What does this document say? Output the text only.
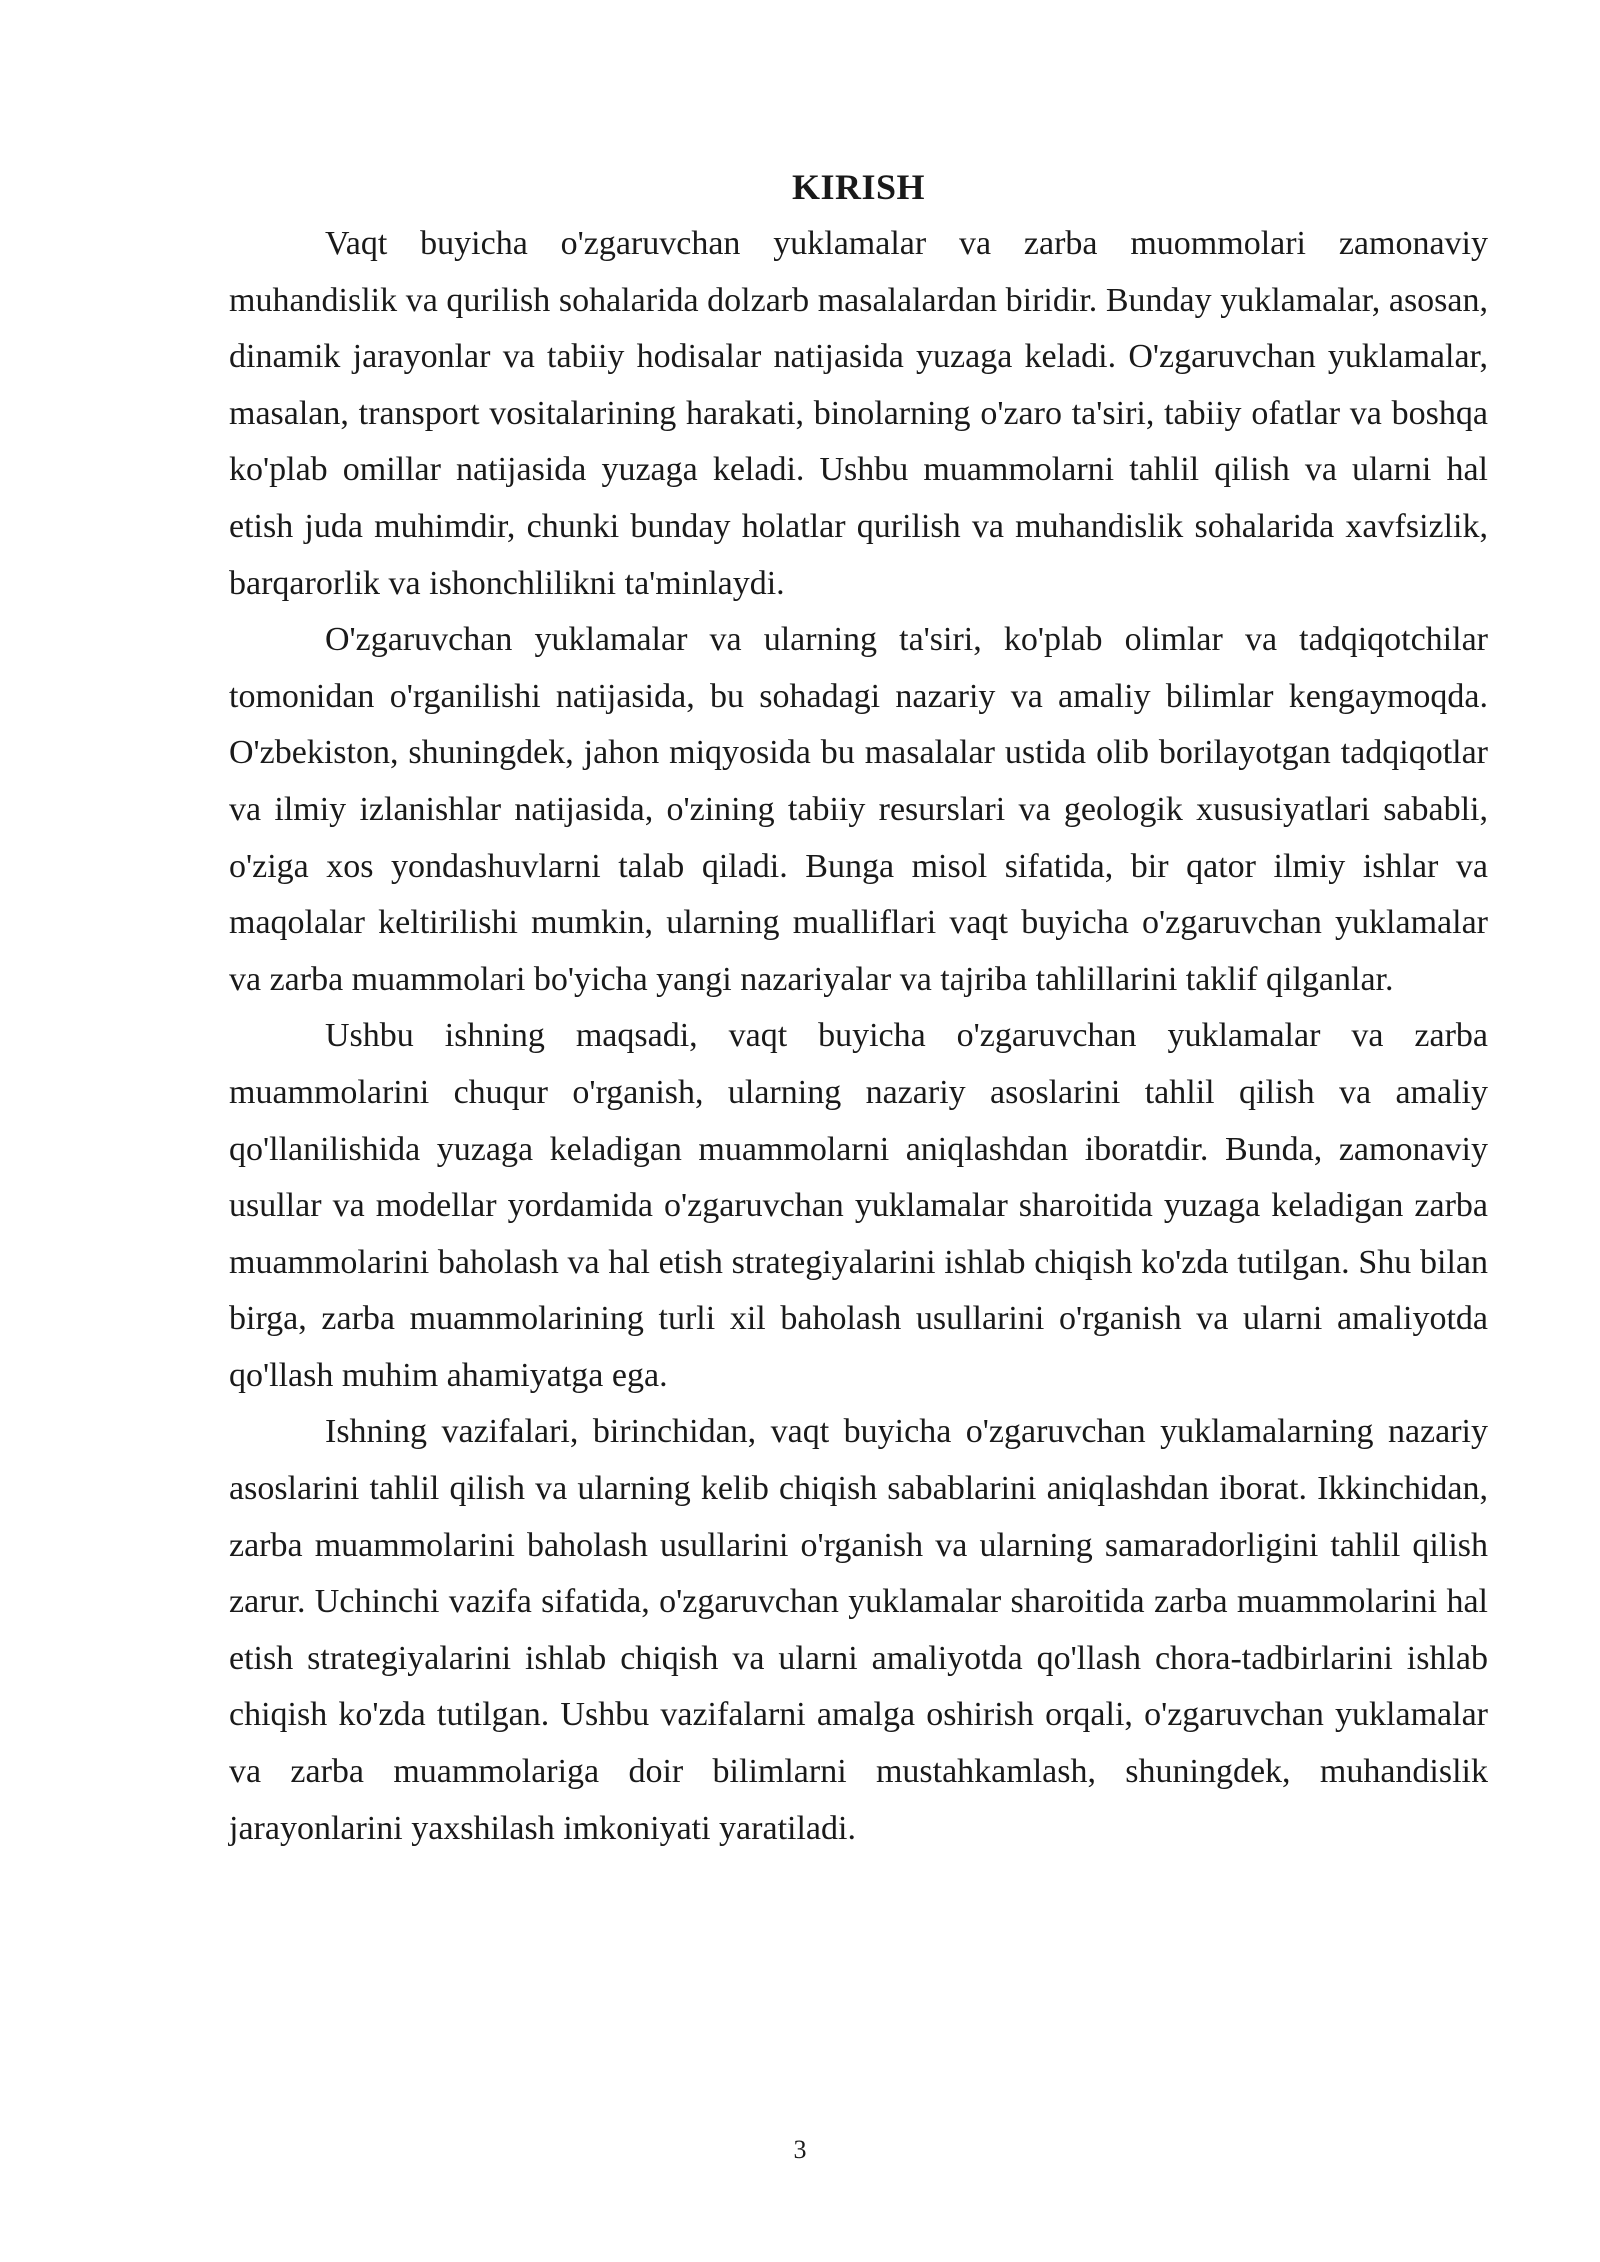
KIRISH

Vaqt buyicha o'zgaruvchan yuklamalar va zarba muommolari zamonaviy muhandislik va qurilish sohalarida dolzarb masalalardan biridir. Bunday yuklamalar, asosan, dinamik jarayonlar va tabiiy hodisalar natijasida yuzaga keladi. O'zgaruvchan yuklamalar, masalan, transport vositalarining harakati, binolarning o'zaro ta'siri, tabiiy ofatlar va boshqa ko'plab omillar natijasida yuzaga keladi. Ushbu muammolarni tahlil qilish va ularni hal etish juda muhimdir, chunki bunday holatlar qurilish va muhandislik sohalarida xavfsizlik, barqarorlik va ishonchlilikni ta'minlaydi.

O'zgaruvchan yuklamalar va ularning ta'siri, ko'plab olimlar va tadqiqotchilar tomonidan o'rganilishi natijasida, bu sohadagi nazariy va amaliy bilimlar kengaymoqda. O'zbekiston, shuningdek, jahon miqyosida bu masalalar ustida olib borilayotgan tadqiqotlar va ilmiy izlanishlar natijasida, o'zining tabiiy resurslari va geologik xususiyatlari sababli, o'ziga xos yondashuvlarni talab qiladi. Bunga misol sifatida, bir qator ilmiy ishlar va maqolalar keltirilishi mumkin, ularning mualliflari vaqt buyicha o'zgaruvchan yuklamalar va zarba muammolari bo'yicha yangi nazariyalar va tajriba tahlillarini taklif qilganlar.

Ushbu ishning maqsadi, vaqt buyicha o'zgaruvchan yuklamalar va zarba muammolarini chuqur o'rganish, ularning nazariy asoslarini tahlil qilish va amaliy qo'llanilishida yuzaga keladigan muammolarni aniqlashdan iboratdir. Bunda, zamonaviy usullar va modellar yordamida o'zgaruvchan yuklamalar sharoitida yuzaga keladigan zarba muammolarini baholash va hal etish strategiyalarini ishlab chiqish ko'zda tutilgan. Shu bilan birga, zarba muammolarining turli xil baholash usullarini o'rganish va ularni amaliyotda qo'llash muhim ahamiyatga ega.

Ishning vazifalari, birinchidan, vaqt buyicha o'zgaruvchan yuklamalarning nazariy asoslarini tahlil qilish va ularning kelib chiqish sabablarini aniqlashdan iborat. Ikkinchidan, zarba muammolarini baholash usullarini o'rganish va ularning samaradorligini tahlil qilish zarur. Uchinchi vazifa sifatida, o'zgaruvchan yuklamalar sharoitida zarba muammolarini hal etish strategiyalarini ishlab chiqish va ularni amaliyotda qo'llash chora-tadbirlarini ishlab chiqish ko'zda tutilgan. Ushbu vazifalarni amalga oshirish orqali, o'zgaruvchan yuklamalar va zarba muammolariga doir bilimlarni mustahkamlash, shuningdek, muhandislik jarayonlarini yaxshilash imkoniyati yaratiladi.

3
